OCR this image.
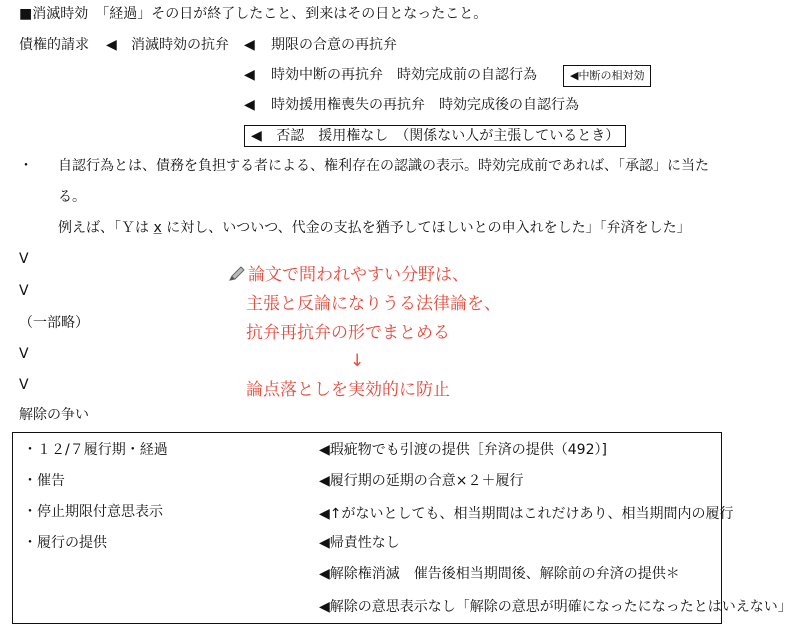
■消滅時効　「経過」その日が終了したこと、到来はその日となったこと。
債権的請求 ◀ 消滅時効の抗弁 ◀ 期限の合意の再抗弁
◀ 時効中断の再抗弁　時効完成前の自認行為	◀中断の相対効
◀ 時効援用権喪失の再抗弁　時効完成後の自認行為
◀ 否認　援用権なし　（関係ない人が主張しているとき）
・ 自認行為とは、債務を負担する者による、権利存在の認識の表示。時効完成前であれば、「承認」に当た
る。
例えば、「Ｙは x に対し、いついつ、代金の支払を猶予してほしいとの申入れをした」「弁済をした」
V
V
（一部略）
V
V
論文で問われやすい分野は、
主張と反論になりうる法律論を、
抗弁再抗弁の形でまとめる
↓
論点落としを実効的に防止
解除の争い
・１２/７履行期・経過
・催告
・停止期限付意思表示
・履行の提供
◀瑕疵物でも引渡の提供［弁済の提供（492）]
◀履行期の延期の合意×２＋履行
◀↑がないとしても、相当期間はこれだけあり、相当期間内の履行
◀帰責性なし
◀解除権消滅　催告後相当期間後、解除前の弁済の提供＊
◀解除の意思表示なし「解除の意思が明確になったになったとはいえない」
